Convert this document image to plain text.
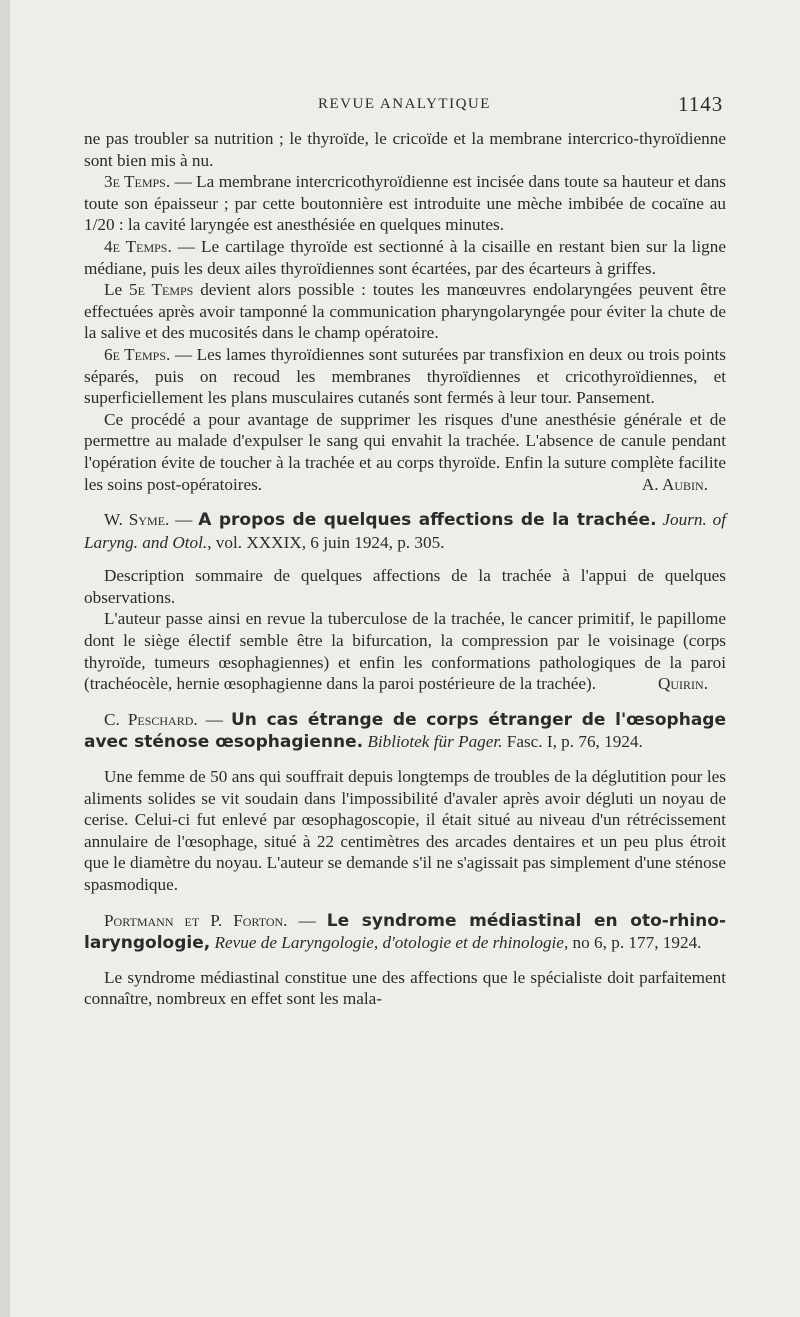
REVUE ANALYTIQUE	1143

ne pas troubler sa nutrition ; le thyroïde, le cricoïde et la membrane intercrico-thyroïdienne sont bien mis à nu.

3e Temps. — La membrane intercricothyroïdienne est incisée dans toute sa hauteur et dans toute son épaisseur ; par cette boutonnière est introduite une mèche imbibée de cocaïne au 1/20 : la cavité laryngée est anesthésiée en quelques minutes.

4e Temps. — Le cartilage thyroïde est sectionné à la cisaille en restant bien sur la ligne médiane, puis les deux ailes thyroïdiennes sont écartées, par des écarteurs à griffes.

Le 5e Temps devient alors possible : toutes les manœuvres endolaryngées peuvent être effectuées après avoir tamponné la communication pharyngolaryngée pour éviter la chute de la salive et des mucosités dans le champ opératoire.

6e Temps. — Les lames thyroïdiennes sont suturées par transfixion en deux ou trois points séparés, puis on recoud les membranes thyroïdiennes et cricothyroïdiennes, et superficiellement les plans musculaires cutanés sont fermés à leur tour. Pansement.

Ce procédé a pour avantage de supprimer les risques d'une anesthésie générale et de permettre au malade d'expulser le sang qui envahit la trachée. L'absence de canule pendant l'opération évite de toucher à la trachée et au corps thyroïde. Enfin la suture complète facilite les soins post-opératoires.	A. Aubin.

W. Syme. — A propos de quelques affections de la trachée. Journ. of Laryng. and Otol., vol. XXXIX, 6 juin 1924, p. 305.

Description sommaire de quelques affections de la trachée à l'appui de quelques observations.

L'auteur passe ainsi en revue la tuberculose de la trachée, le cancer primitif, le papillome dont le siège électif semble être la bifurcation, la compression par le voisinage (corps thyroïde, tumeurs œsophagiennes) et enfin les conformations pathologiques de la paroi (trachéocèle, hernie œsophagienne dans la paroi postérieure de la trachée).	Quirin.

C. Peschard. — Un cas étrange de corps étranger de l'œsophage avec sténose œsophagienne. Bibliotek für Pager. Fasc. I, p. 76, 1924.

Une femme de 50 ans qui souffrait depuis longtemps de troubles de la déglutition pour les aliments solides se vit soudain dans l'impossibilité d'avaler après avoir dégluti un noyau de cerise. Celui-ci fut enlevé par œsophagoscopie, il était situé au niveau d'un rétrécissement annulaire de l'œsophage, situé à 22 centimètres des arcades dentaires et un peu plus étroit que le diamètre du noyau. L'auteur se demande s'il ne s'agissait pas simplement d'une sténose spasmodique.

Portmann et P. Forton. — Le syndrome médiastinal en oto-rhino-laryngologie, Revue de Laryngologie, d'otologie et de rhinologie, no 6, p. 177, 1924.

Le syndrome médiastinal constitue une des affections que le spécialiste doit parfaitement connaître, nombreux en effet sont les mala-
